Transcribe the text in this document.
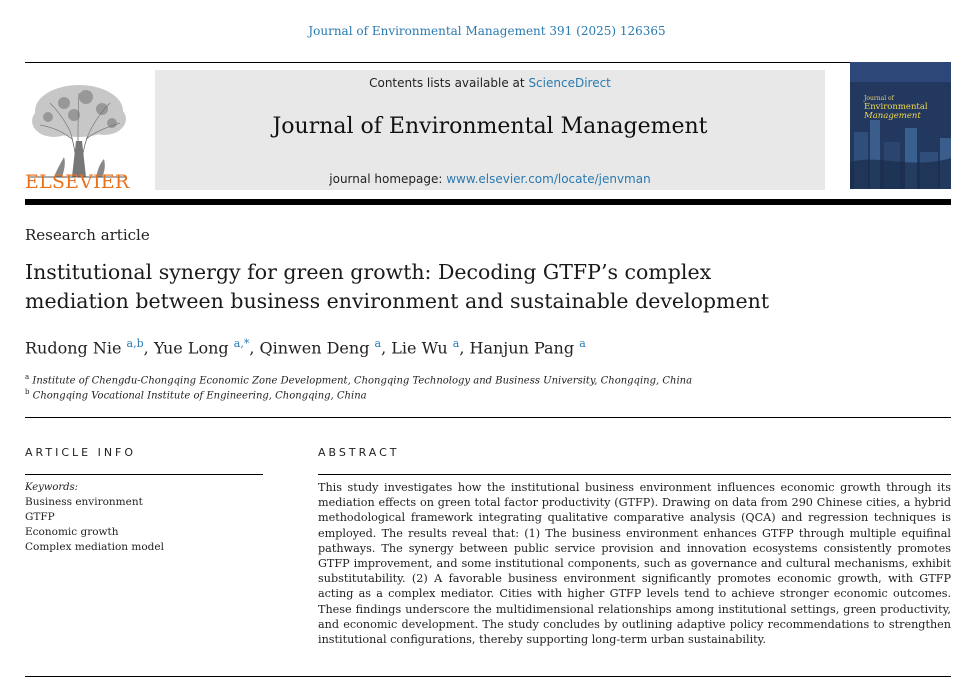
Journal of Environmental Management 391 (2025) 126365
ELSEVIER
Contents lists available at ScienceDirect
Journal of Environmental Management
journal homepage: www.elsevier.com/locate/jenvman
Journal of
Environmental
Management
Research article
Institutional synergy for green growth: Decoding GTFP’s complex
mediation between business environment and sustainable development
Rudong Nie $^{a,b}$, Yue Long $^{a,*}$, Qinwen Deng $^a$, Lie Wu $^a$, Hanjun Pang $^a$
$^a$ Institute of Chengdu-Chongqing Economic Zone Development, Chongqing Technology and Business University, Chongqing, China
$^b$ Chongqing Vocational Institute of Engineering, Chongqing, China
ARTICLE INFO	ABSTRACT
Keywords:
Business environment
GTFP
Economic growth
Complex mediation model
This study investigates how the institutional business environment influences economic growth through its mediation effects on green total factor productivity (GTFP). Drawing on data from 290 Chinese cities, a hybrid methodological framework integrating qualitative comparative analysis (QCA) and regression techniques is employed. The results reveal that: (1) The business environment enhances GTFP through multiple equifinal pathways. The synergy between public service provision and innovation ecosystems consistently promotes GTFP improvement, and some institutional components, such as governance and cultural mechanisms, exhibit substitutability. (2) A favorable business environment significantly promotes economic growth, with GTFP acting as a complex mediator. Cities with higher GTFP levels tend to achieve stronger economic outcomes. These findings underscore the multidimensional relationships among institutional settings, green productivity, and economic development. The study concludes by outlining adaptive policy recommendations to strengthen institutional configurations, thereby supporting long-term urban sustainability.
